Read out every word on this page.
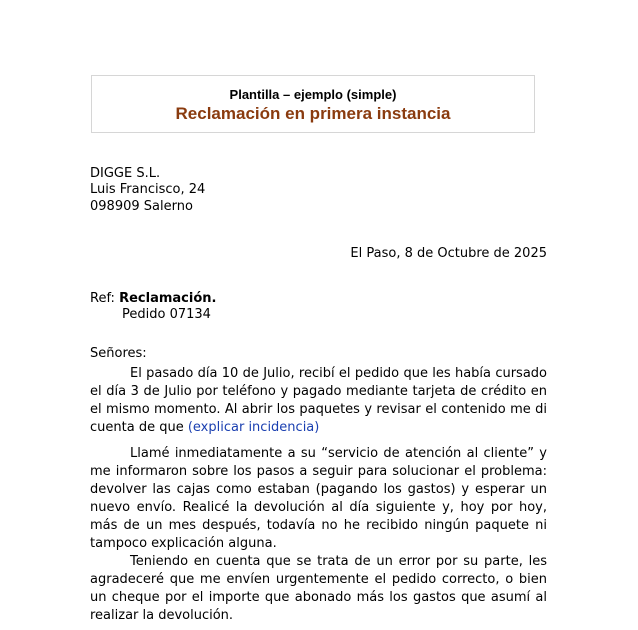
Plantilla – ejemplo (simple)
Reclamación en primera instancia
DIGGE S.L.
Luis Francisco, 24
098909 Salerno
El Paso, 8 de Octubre de 2025
Ref: Reclamación.
Pedido 07134
Señores:

El pasado día 10 de Julio, recibí el pedido que les había cursado el día 3 de Julio por teléfono y pagado mediante tarjeta de crédito en el mismo momento. Al abrir los paquetes y revisar el contenido me di cuenta de que (explicar incidencia)

Llamé inmediatamente a su “servicio de atención al cliente” y me informaron sobre los pasos a seguir para solucionar el problema: devolver las cajas como estaban (pagando los gastos) y esperar un nuevo envío. Realicé la devolución al día siguiente y, hoy por hoy, más de un mes después, todavía no he recibido ningún paquete ni tampoco explicación alguna.

Teniendo en cuenta que se trata de un error por su parte, les agradeceré que me envíen urgentemente el pedido correcto, o bien un cheque por el importe que abonado más los gastos que asumí al realizar la devolución.
